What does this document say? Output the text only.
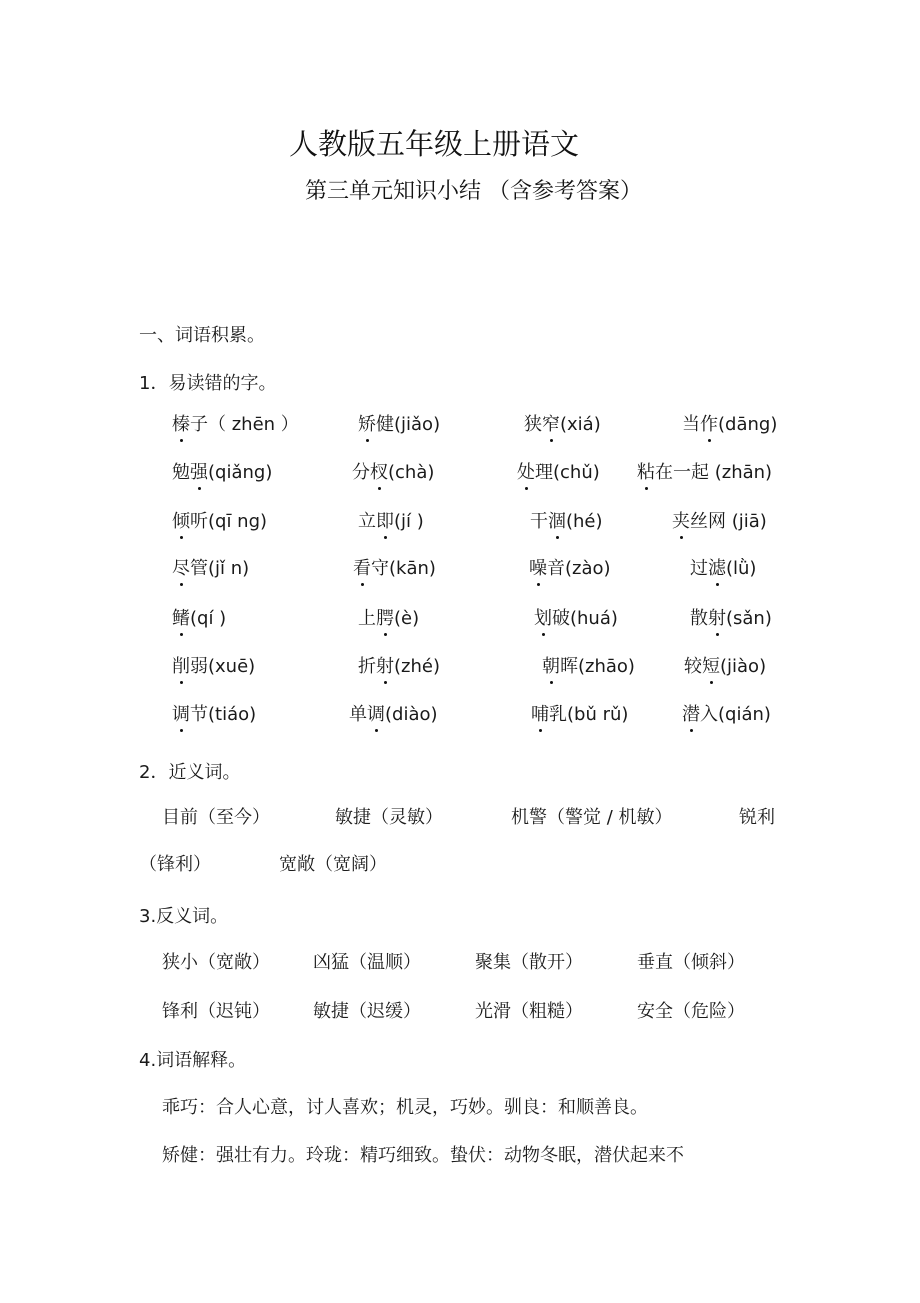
人教版五年级上册语文
第三单元知识小结 （含参考答案）
一、词语积累。
1．易读错的字。
榛子（ zhēn ）	矫健(jiǎo)	狭窄(xiá)	当作(dāng)
勉强(qiǎng)	分杈(chà)	处理(chǔ) 粘在一起 (zhān)
倾听(qī ng)	立即(jí )	干涸(hé)	夹丝网 (jiā)
尽管(jǐ n)	看守(kān)	噪音(zào)	过滤(lǜ)
鳍(qí )	上腭(è)	划破(huá)	散射(sǎn)
削弱(xuē)	折射(zhé)	朝晖(zhāo)	较短(jiào)
调节(tiáo)	单调(diào)	哺乳(bǔ rǔ)	潜入(qián)
2．近义词。
目前（至今）	敏捷（灵敏）	机警（警觉 / 机敏）	锐利
（锋利）	宽敞（宽阔）
3.反义词。
狭小（宽敞） 凶猛（温顺）	聚集（散开）	垂直（倾斜）
锋利（迟钝） 敏捷（迟缓）	光滑（粗糙）	安全（危险）
4.词语解释。
乖巧：合人心意，讨人喜欢；机灵，巧妙。驯良：和顺善良。
矫健：强壮有力。玲珑：精巧细致。蛰伏：动物冬眠，潜伏起来不
